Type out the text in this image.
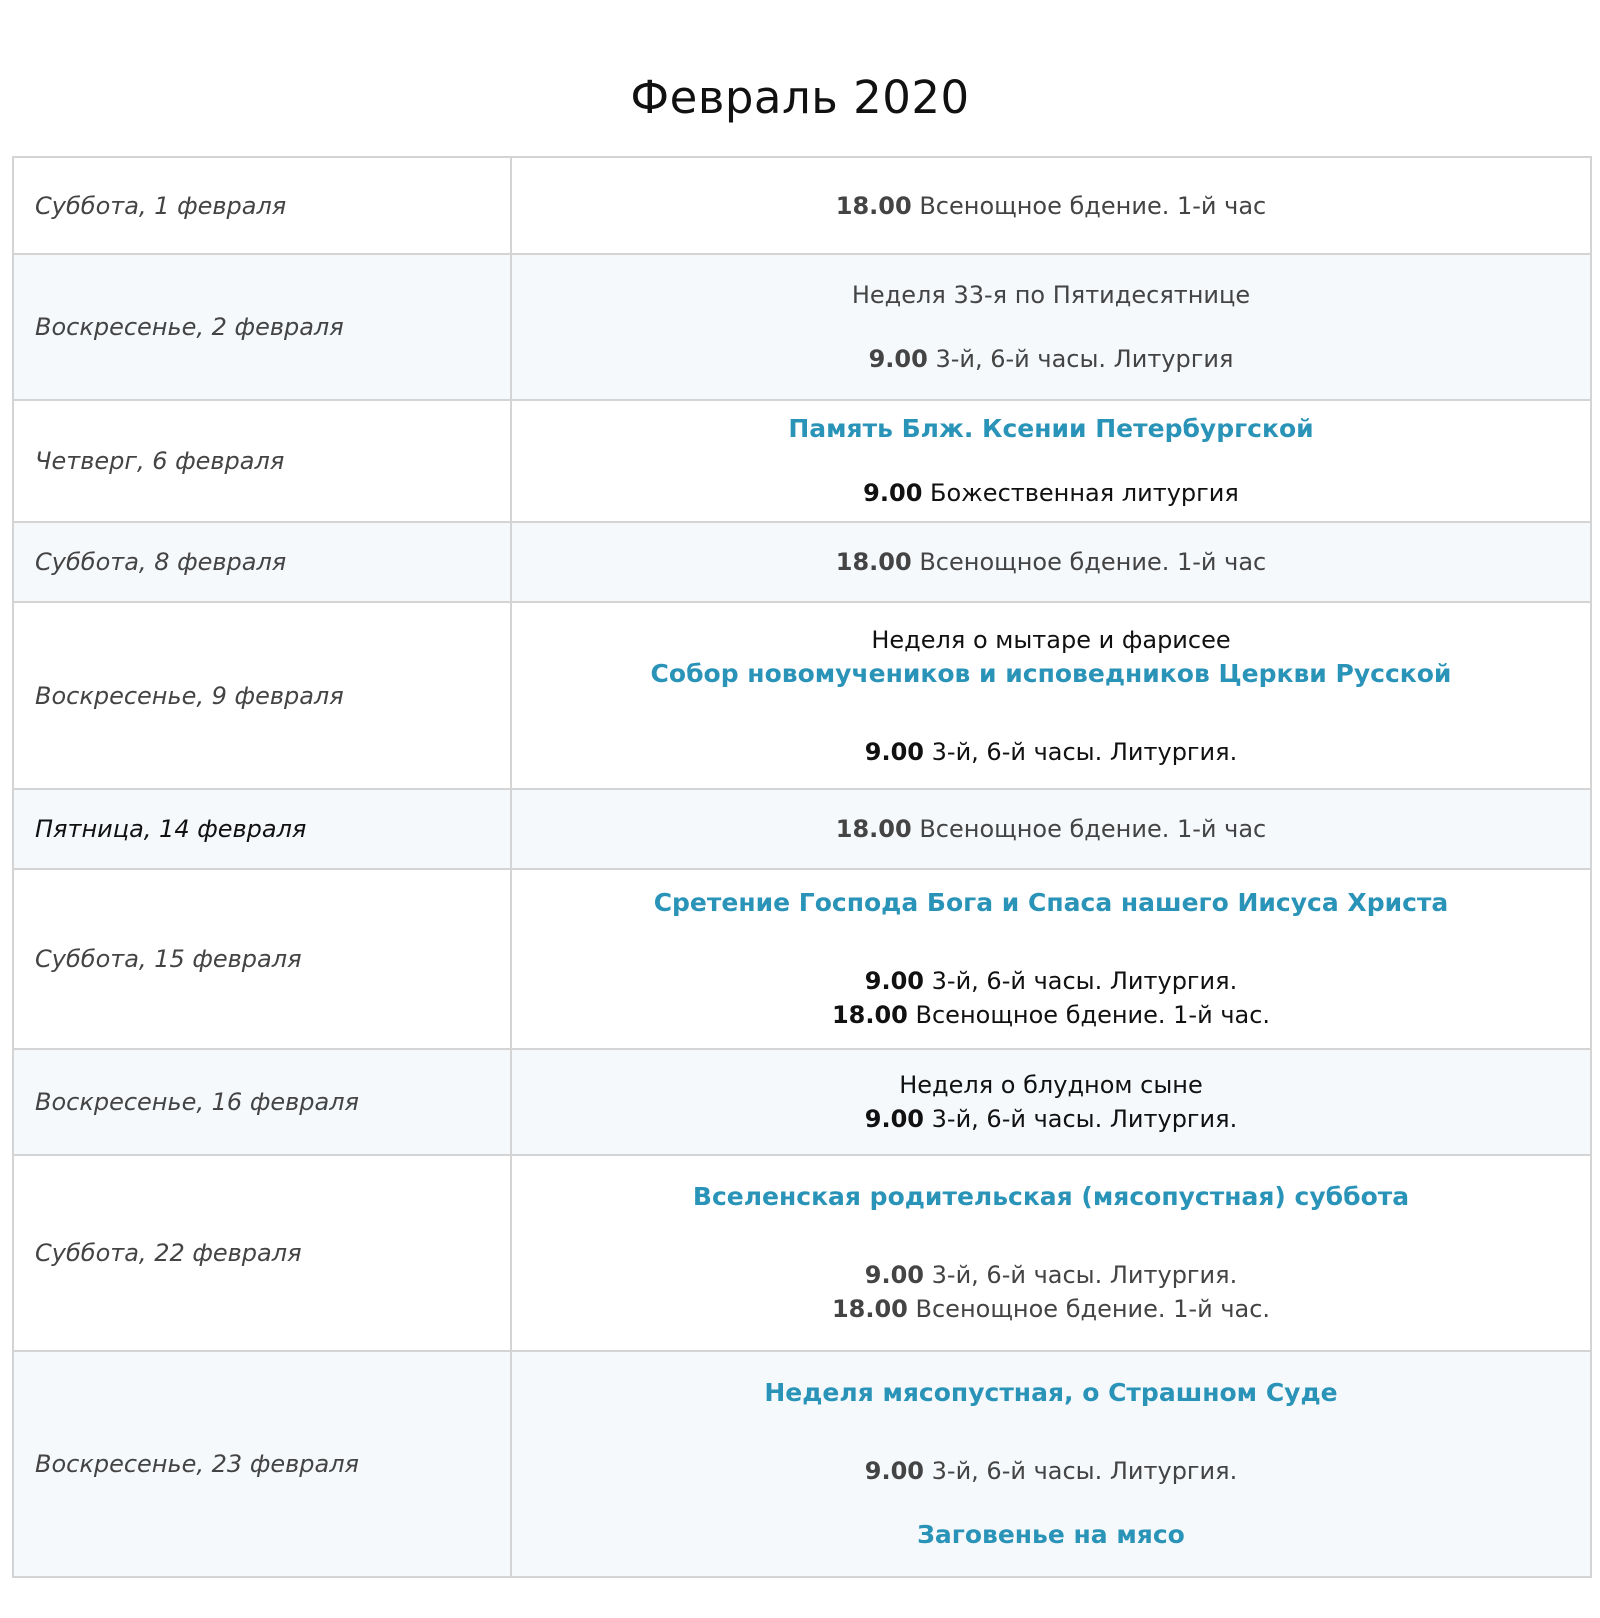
Февраль 2020
Суббота, 1 февраля	18.00 Всенощное бдение. 1-й час

Воскресенье, 2 февраля	Неделя 33-я по Пятидесятнице
9.00 3-й, 6-й часы. Литургия

Четверг, 6 февраля	Память Блж. Ксении Петербургской
9.00 Божественная литургия

Суббота, 8 февраля	18.00 Всенощное бдение. 1-й час

Воскресенье, 9 февраля	Неделя о мытаре и фарисее
Собор новомучеников и исповедников Церкви Русской
9.00 3-й, 6-й часы. Литургия.

Пятница, 14 февраля	18.00 Всенощное бдение. 1-й час

Суббота, 15 февраля	Сретение Господа Бога и Спаса нашего Иисуса Христа
9.00 3-й, 6-й часы. Литургия.
18.00 Всенощное бдение. 1-й час.

Воскресенье, 16 февраля	Неделя о блудном сыне
9.00 3-й, 6-й часы. Литургия.

Суббота, 22 февраля	Вселенская родительская (мясопустная) суббота
9.00 3-й, 6-й часы. Литургия.
18.00 Всенощное бдение. 1-й час.

Воскресенье, 23 февраля	Неделя мясопустная, о Страшном Суде
9.00 3-й, 6-й часы. Литургия.
Заговенье на мясо
